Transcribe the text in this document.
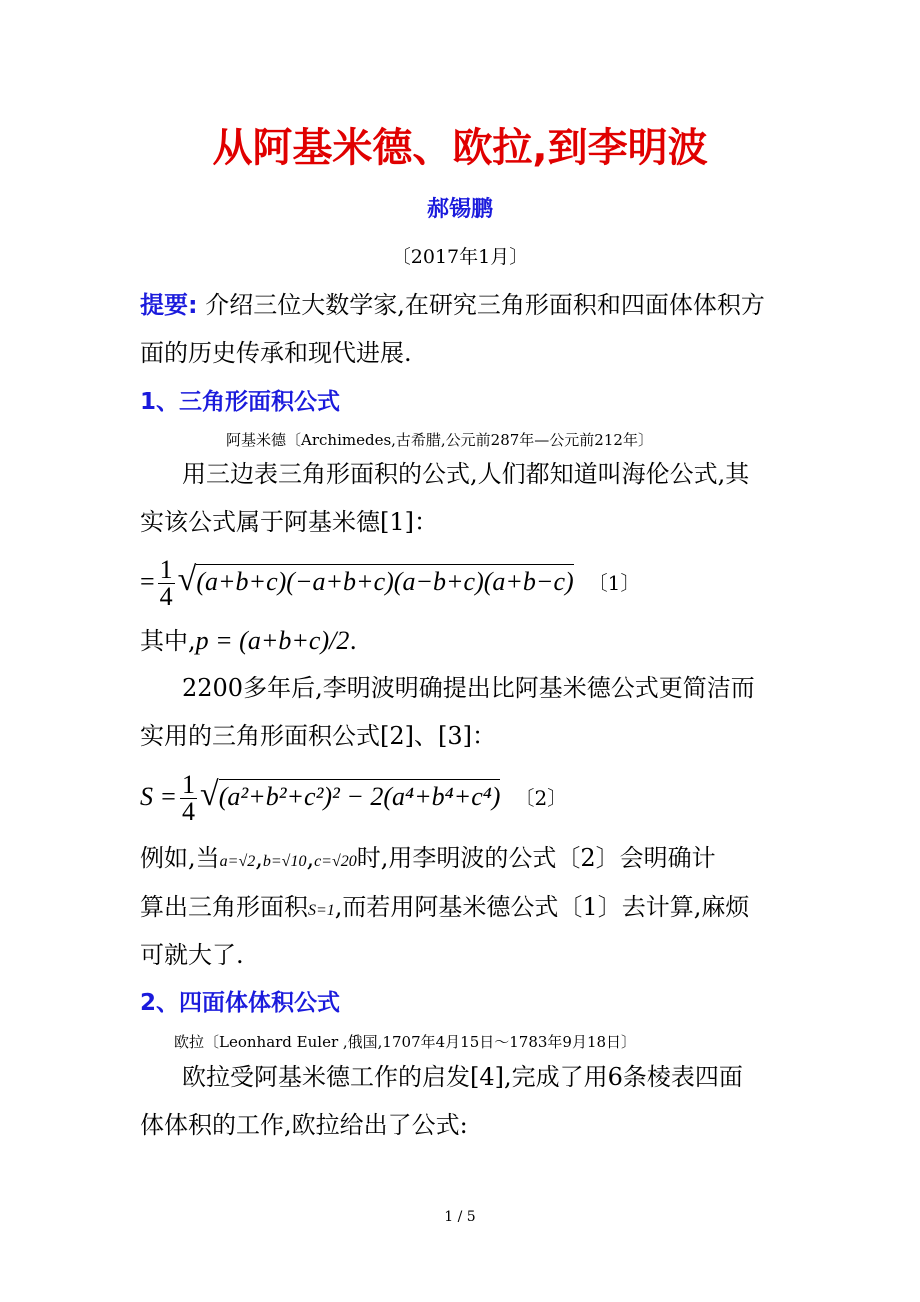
从阿基米德、欧拉,到李明波
郝锡鹏
〔2017年1月〕
提要: 介绍三位大数学家,在研究三角形面积和四面体体积方
面的历史传承和现代进展.
1、三角形面积公式
阿基米德〔Archimedes,古希腊,公元前287年—公元前212年〕
　用三边表三角形面积的公式,人们都知道叫海伦公式,其
实该公式属于阿基米德[1]：
= $\frac{1}{4} √(a+b+c)(-a+b+c)(a-b+c)(a+b-c)$ 〔1〕
其中,p = (a+b+c)/2.
　2200多年后,李明波明确提出比阿基米德公式更简洁而
实用的三角形面积公式[2]、[3]：
$S = \frac{1}{4} √(a^2+b^2+c^2)^2 - 2(a^4+b^4+c^4)$ 〔2〕
例如,当a=√2,b=√10,c=√20时,用李明波的公式〔2〕会明确计
算出三角形面积S=1,而若用阿基米德公式〔1〕去计算,麻烦
可就大了.
2、四面体体积公式
欧拉〔Leonhard Euler ,俄国,1707年4月15日～1783年9月18日〕
　欧拉受阿基米德工作的启发[4],完成了用6条棱表四面
体体积的工作,欧拉给出了公式:
1 / 5
